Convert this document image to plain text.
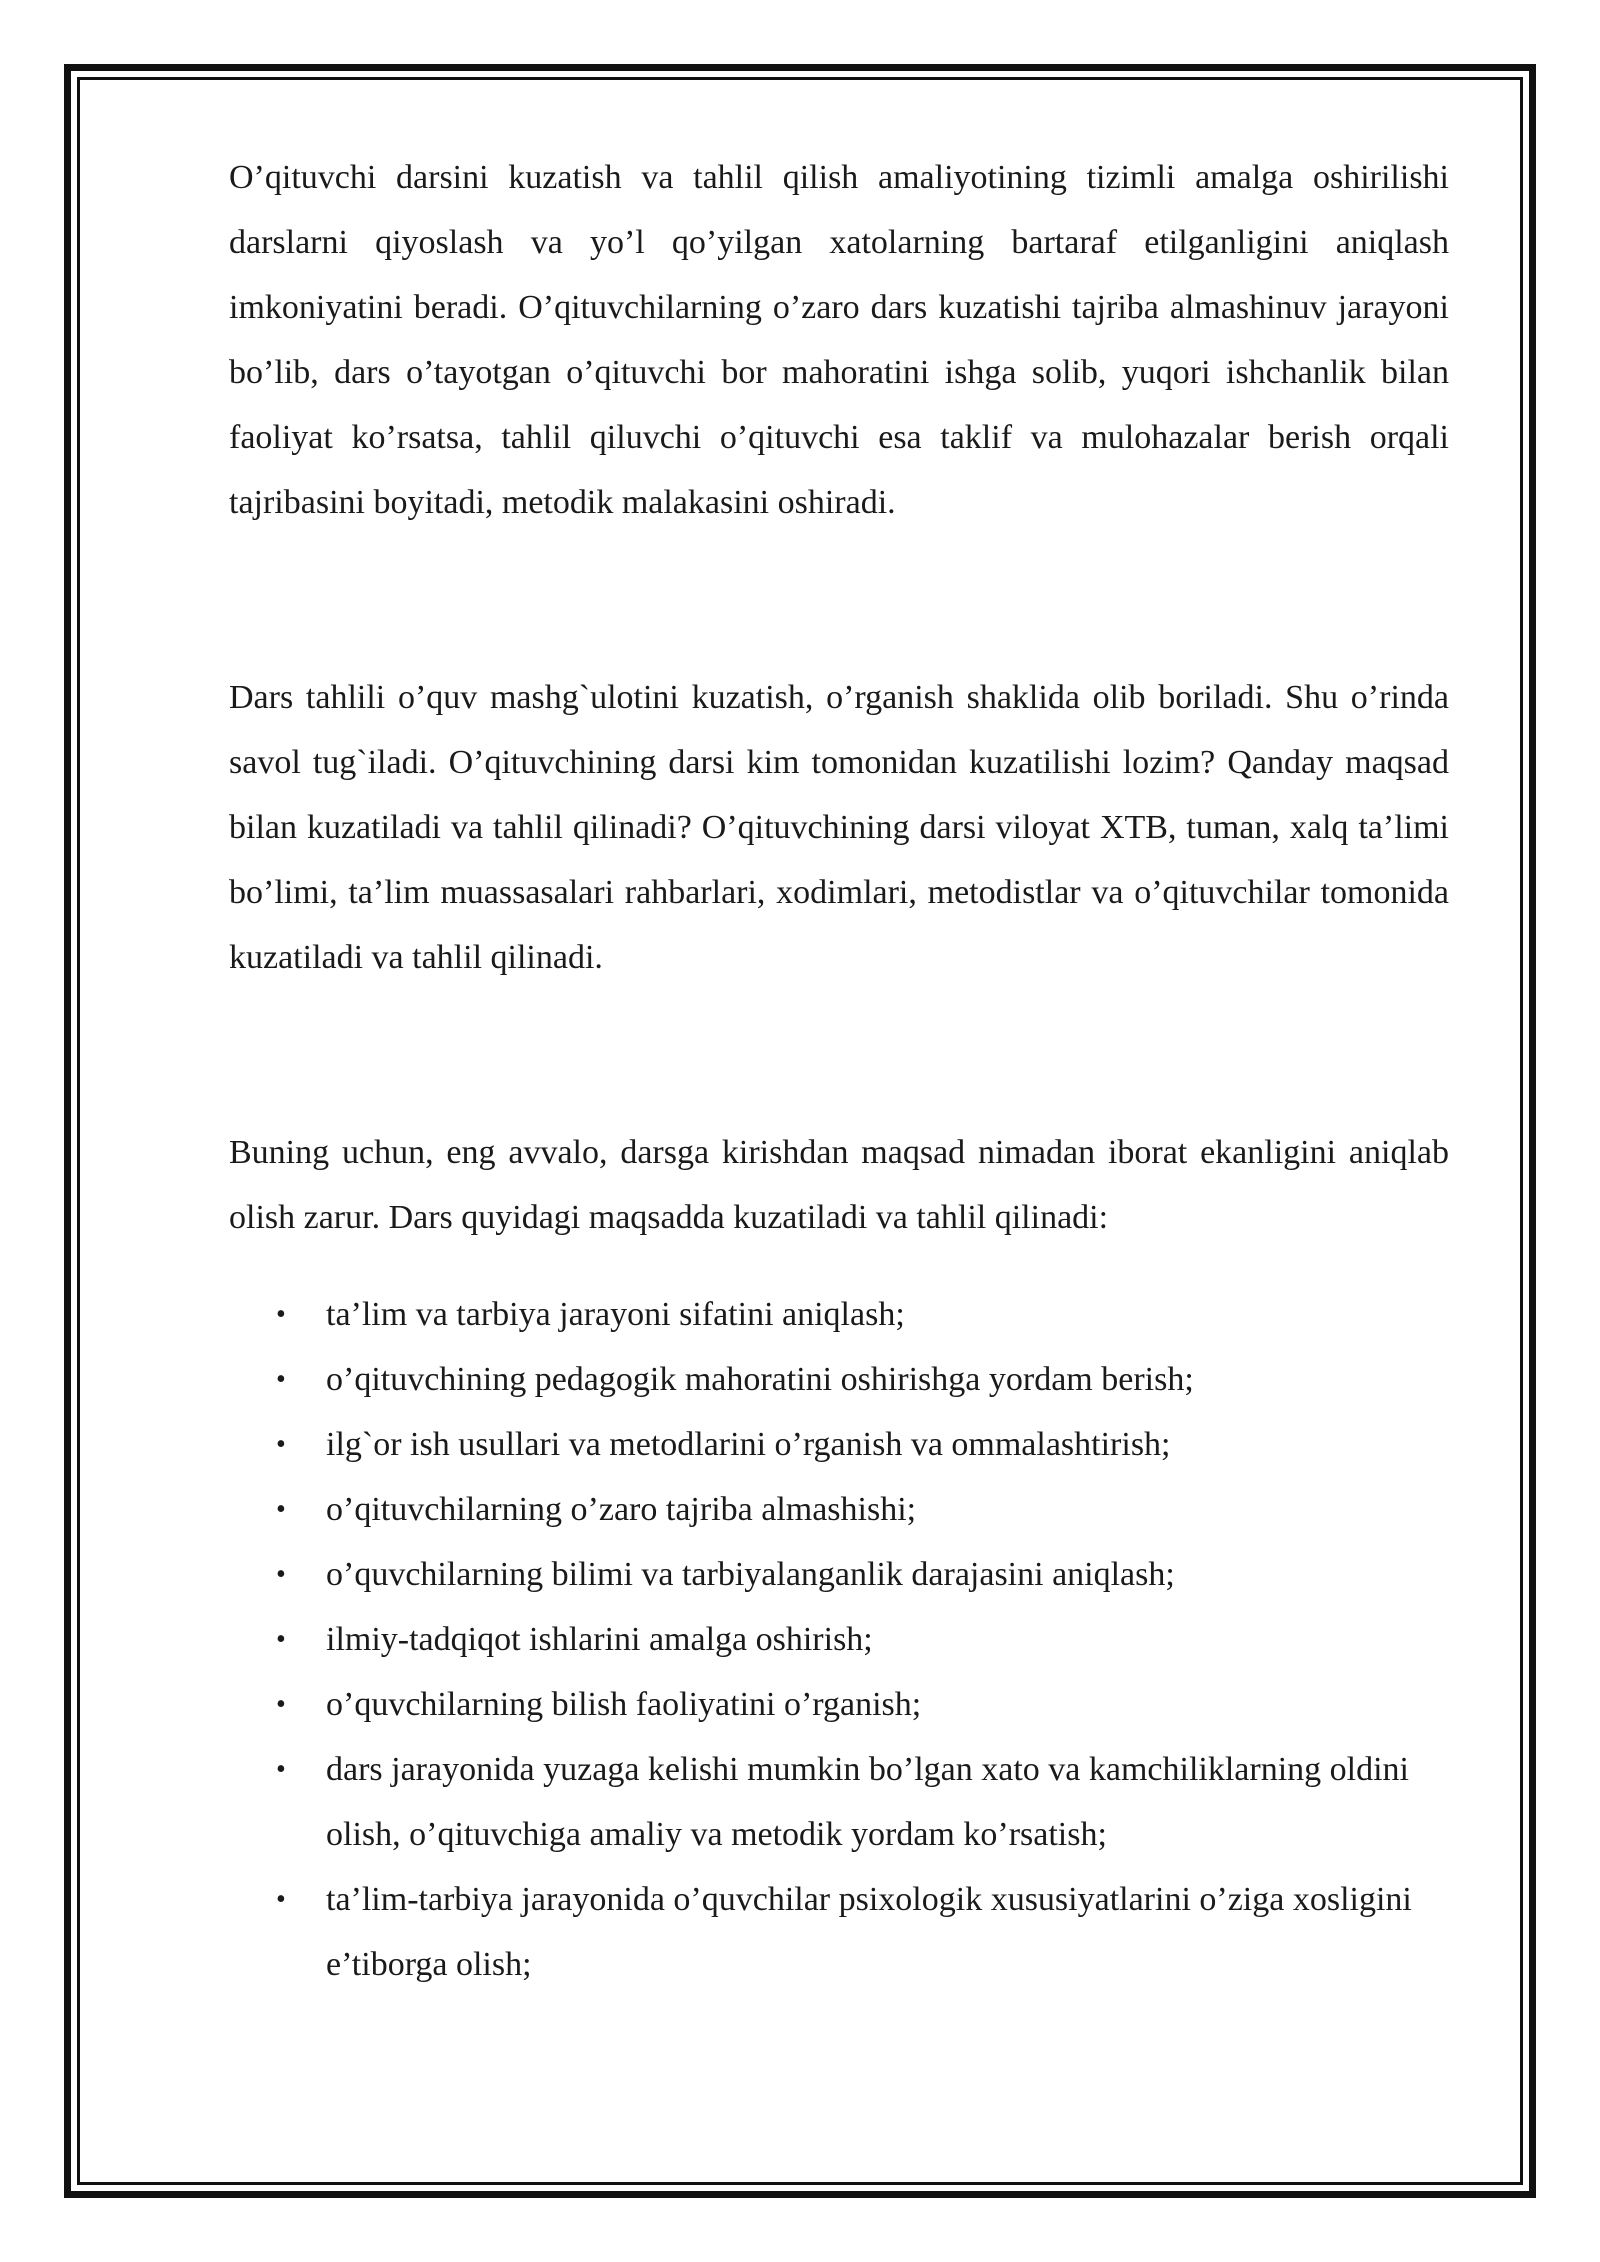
O’qituvchi darsini kuzatish va tahlil qilish amaliyotining tizimli amalga oshirilishi darslarni qiyoslash va yo’l qo’yilgan xatolarning bartaraf etilganligini aniqlash imkoniyatini beradi. O’qituvchilarning o’zaro dars kuzatishi tajriba almashinuv jarayoni bo’lib, dars o’tayotgan o’qituvchi bor mahoratini ishga solib, yuqori ishchanlik bilan faoliyat ko’rsatsa, tahlil qiluvchi o’qituvchi esa taklif va mulohazalar berish orqali tajribasini boyitadi, metodik malakasini oshiradi.

Dars tahlili o’quv mashg`ulotini kuzatish, o’rganish shaklida olib boriladi. Shu o’rinda savol tug`iladi. O’qituvchining darsi kim tomonidan kuzatilishi lozim? Qanday maqsad bilan kuzatiladi va tahlil qilinadi? O’qituvchining darsi viloyat XTB, tuman, xalq ta’limi bo’limi, ta’lim muassasalari rahbarlari, xodimlari, metodistlar va o’qituvchilar tomonida kuzatiladi va tahlil qilinadi.

Buning uchun, eng avvalo, darsga kirishdan maqsad nimadan iborat ekanligini aniqlab olish zarur. Dars quyidagi maqsadda kuzatiladi va tahlil qilinadi:

• ta’lim va tarbiya jarayoni sifatini aniqlash;
• o’qituvchining pedagogik mahoratini oshirishga yordam berish;
• ilg`or ish usullari va metodlarini o’rganish va ommalashtirish;
• o’qituvchilarning o’zaro tajriba almashishi;
• o’quvchilarning bilimi va tarbiyalanganlik darajasini aniqlash;
• ilmiy-tadqiqot ishlarini amalga oshirish;
• o’quvchilarning bilish faoliyatini o’rganish;
• dars jarayonida yuzaga kelishi mumkin bo’lgan xato va kamchiliklarning oldini olish, o’qituvchiga amaliy va metodik yordam ko’rsatish;
• ta’lim-tarbiya jarayonida o’quvchilar psixologik xususiyatlarini o’ziga xosligini e’tiborga olish;
